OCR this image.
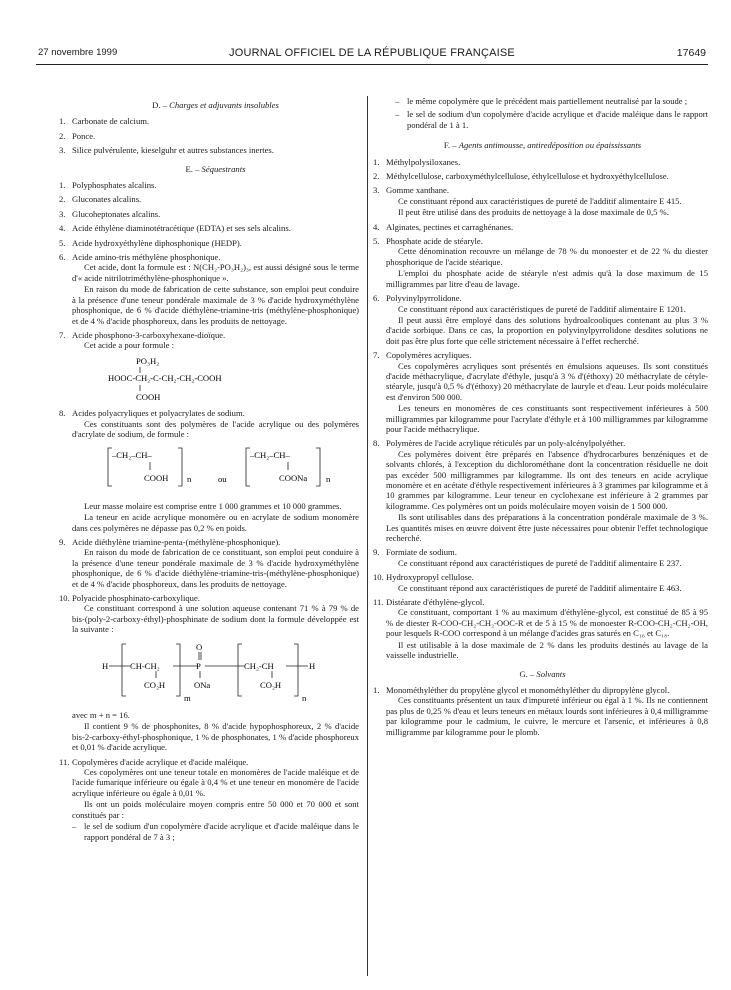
27 novembre 1999	JOURNAL OFFICIEL DE LA RÉPUBLIQUE FRANÇAISE	17649
D. – Charges et adjuvants insolubles
1. Carbonate de calcium.
2. Ponce.
3. Silice pulvérulente, kieselguhr et autres substances inertes.
E. – Séquestrants
1. Polyphosphates alcalins.
2. Gluconates alcalins.
3. Glucoheptonates alcalins.
4. Acide éthylène diaminotétracétique (EDTA) et ses sels alcalins.
5. Acide hydroxyéthylène diphosphonique (HEDP).
6. Acide amino-tris méthylène phosphonique.
Cet acide, dont la formule est : N(CH₂-PO₃H₂)₃, est aussi désigné sous le terme d'« acide nitrilotriméthylène-phosphonique ».
En raison du mode de fabrication de cette substance, son emploi peut conduire à la présence d'une teneur pondérale maximale de 3 % d'acide hydroxyméthylène phosphonique, de 6 % d'acide diéthylène-triamine-tris (méthylène-phosphonique) et de 4 % d'acide phosphoreux, dans les produits de nettoyage.
7. Acide phosphono-3-carboxyhexane-dioïque.
Cet acide a pour formule :
PO₃H₂
HOOC-CH₂-C-CH₂-CH₂-COOH
COOH
8. Acides polyacryliques et polyacrylates de sodium.
Ces constituants sont des polymères de l'acide acrylique ou des polymères d'acrylate de sodium, de formule :
–CH₂–CH–
COOH n	ou
–CH₂–CH–
COONa n
Leur masse molaire est comprise entre 1 000 grammes et 10 000 grammes.
La teneur en acide acrylique monomère ou en acrylate de sodium monomère dans ces polymères ne dépasse pas 0,2 % en poids.
9. Acide diéthylène triamine-penta-(méthylène-phosphonique).
En raison du mode de fabrication de ce constituant, son emploi peut conduire à la présence d'une teneur pondérale maximale de 3 % d'acide hydroxyméthylène phosphonique, de 6 % d'acide diéthylène-triamine-tris-(méthylène-phosphonique) et de 4 % d'acide phosphoreux, dans les produits de nettoyage.
10. Polyacide phosphinato-carboxylique.
Ce constituant correspond à une solution aqueuse contenant 71 % à 79 % de bis-(poly-2-carboxy-éthyl)-phosphinate de sodium dont la formule développée est la suivante :
H	CH-CH₂
O
P	CH₂-CH	H
CO₂H	ONa	CO₂H
m	n
avec m + n = 16.
Il contient 9 % de phosphonites, 8 % d'acide hypophosphoreux, 2 % d'acide bis-2-carboxy-éthyl-phosphonique, 1 % de phosphonates, 1 % d'acide phosphoreux et 0,01 % d'acide acrylique.
11. Copolymères d'acide acrylique et d'acide maléique.
Ces copolymères ont une teneur totale en monomères de l'acide maléique et de l'acide fumarique inférieure ou égale à 0,4 % et une teneur en monomère de l'acide acrylique inférieure ou égale à 0,01 %.
Ils ont un poids moléculaire moyen compris entre 50 000 et 70 000 et sont constitués par :
– le sel de sodium d'un copolymère d'acide acrylique et d'acide maléique dans le rapport pondéral de 7 à 3 ;
– le même copolymère que le précédent mais partiellement neutralisé par la soude ;
– le sel de sodium d'un copolymère d'acide acrylique et d'acide maléique dans le rapport pondéral de 1 à 1.
F. – Agents antimousse, antiredéposition ou épaississants
1. Méthylpolysiloxanes.
2. Méthylcellulose, carboxyméthylcellulose, éthylcellulose et hydroxyéthylcellulose.
3. Gomme xanthane.
Ce constituant répond aux caractéristiques de pureté de l'additif alimentaire E 415.
Il peut être utilisé dans des produits de nettoyage à la dose maximale de 0,5 %.
4. Alginates, pectines et carraghénanes.
5. Phosphate acide de stéaryle.
Cette dénomination recouvre un mélange de 78 % du monoester et de 22 % du diester phosphorique de l'acide stéarique.
L'emploi du phosphate acide de stéaryle n'est admis qu'à la dose maximum de 15 milligrammes par litre d'eau de lavage.
6. Polyvinylpyrrolidone.
Ce constituant répond aux caractéristiques de pureté de l'additif alimentaire E 1201.
Il peut aussi être employé dans des solutions hydroalcooliques contenant au plus 3 % d'acide sorbique. Dans ce cas, la proportion en polyvinylpyrrolidone desdites solutions ne doit pas être plus forte que celle strictement nécessaire à l'effet recherché.
7. Copolymères acryliques.
Ces copolymères acryliques sont présentés en émulsions aqueuses. Ils sont constitués d'acide méthacrylique, d'acrylate d'éthyle, jusqu'à 3 % d'(éthoxy) 20 méthacrylate de cétyle-stéaryle, jusqu'à 0,5 % d'(éthoxy) 20 méthacrylate de lauryle et d'eau. Leur poids moléculaire est d'environ 500 000.
Les teneurs en monomères de ces constituants sont respectivement inférieures à 500 milligrammes par kilogramme pour l'acrylate d'éthyle et à 100 milligrammes par kilogramme pour l'acide méthacrylique.
8. Polymères de l'acide acrylique réticulés par un poly-alcénylpolyéther.
Ces polymères doivent être préparés en l'absence d'hydrocarbures benzéniques et de solvants chlorés, à l'exception du dichlorométhane dont la concentration résiduelle ne doit pas excéder 500 milligrammes par kilogramme. Ils ont des teneurs en acide acrylique monomère et en acétate d'éthyle respectivement inférieures à 3 grammes par kilogramme et à 10 grammes par kilogramme. Leur teneur en cyclohexane est inférieure à 2 grammes par kilogramme. Ces polymères ont un poids moléculaire moyen voisin de 1 500 000.
Ils sont utilisables dans des préparations à la concentration pondérale maximale de 3 %. Les quantités mises en œuvre doivent être juste nécessaires pour obtenir l'effet technologique recherché.
9. Formiate de sodium.
Ce constituant répond aux caractéristiques de pureté de l'additif alimentaire E 237.
10. Hydroxypropyl cellulose.
Ce constituant répond aux caractéristiques de pureté de l'additif alimentaire E 463.
11. Distéarate d'éthylène-glycol.
Ce constituant, comportant 1 % au maximum d'éthylène-glycol, est constitué de 85 à 95 % de diester R-COO-CH₂-CH₂-OOC-R et de 5 à 15 % de monoester R-COO-CH₂-CH₂-OH, pour lesquels R-COO correspond à un mélange d'acides gras saturés en C₁₆ et C₁₈.
Il est utilisable à la dose maximale de 2 % dans les produits destinés au lavage de la vaisselle industrielle.
G. – Solvants
1. Monométhyléther du propylène glycol et monométhyléther du dipropylène glycol.
Ces constituants présentent un taux d'impureté inférieur ou égal à 1 %. Ils ne contiennent pas plus de 0,25 % d'eau et leurs teneurs en métaux lourds sont inférieures à 0,4 milligramme par kilogramme pour le cadmium, le cuivre, le mercure et l'arsenic, et inférieures à 0,8 milligramme par kilogramme pour le plomb.
